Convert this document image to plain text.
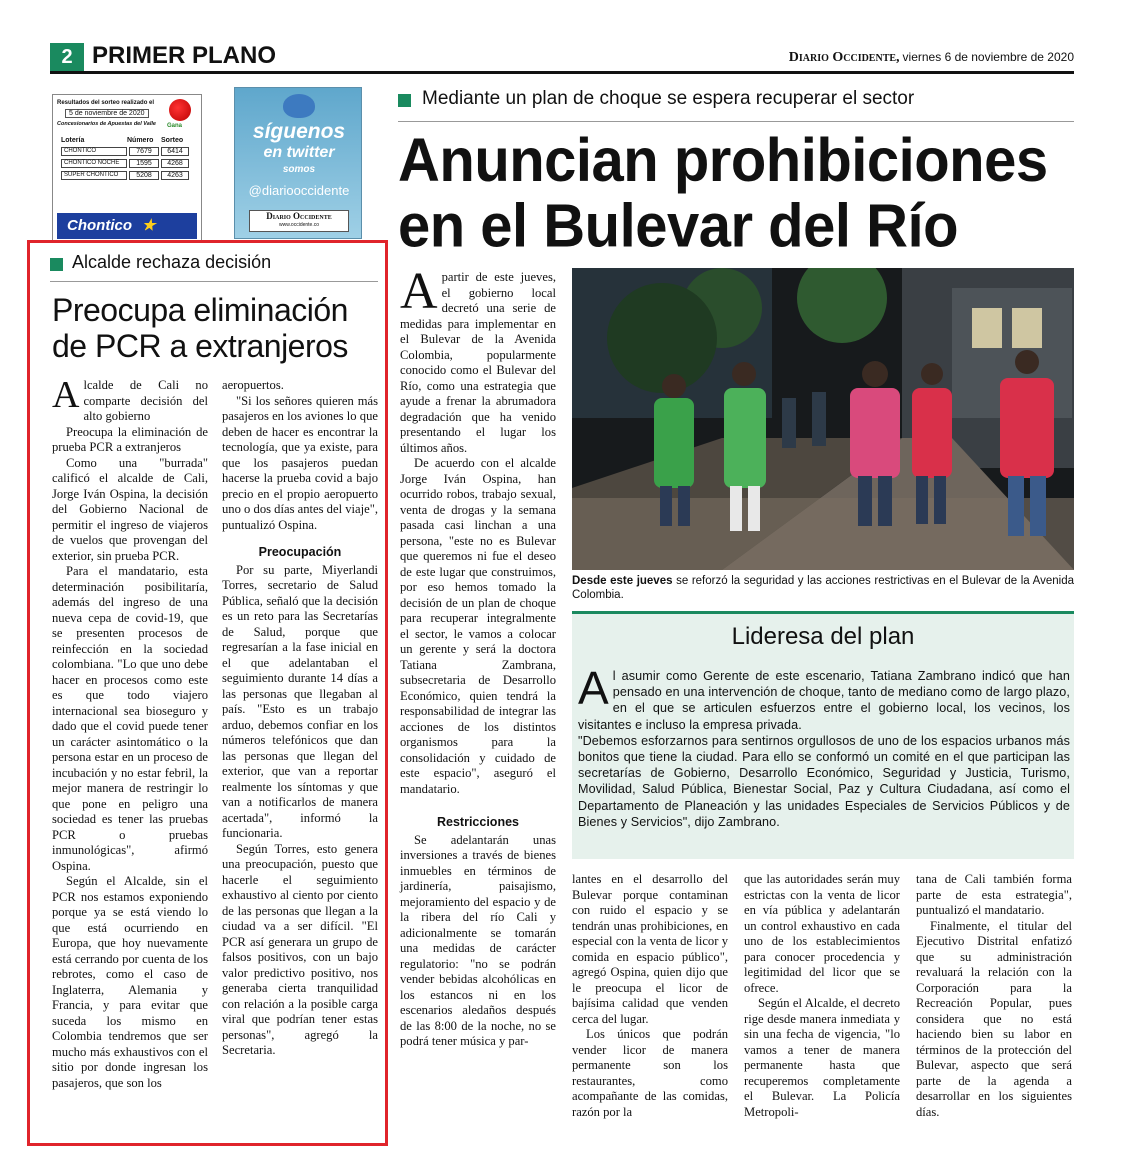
2 PRIMER PLANO	Diario Occidente, viernes 6 de noviembre de 2020
Resultados del sorteo realizado el
5 de noviembre de 2020
Concesionarios de Apuestas del Valle Gana
Lotería	Número	Sorteo
CHONTICO	7679	6414
CHONTICO NOCHE	1595	4268
SUPER CHONTICO	5208	4263
Chontico ★
síguenos
en twitter
somos
@diariooccidente
Diario Occidente
www.occidente.co
Mediante un plan de choque se espera recuperar el sector
Anuncian prohibiciones
en el Bulevar del Río
Desde este jueves se reforzó la seguridad y las acciones restrictivas en el Bulevar de la Avenida Colombia.
Lideresa del plan

Al asumir como Gerente de este escenario, Tatiana Zambrano indicó que han pensado en una intervención de choque, tanto de mediano como de largo plazo, en el que se articulen esfuerzos entre el gobierno local, los vecinos, los visitantes e incluso la empresa privada.

"Debemos esforzarnos para sentirnos orgullosos de uno de los espacios urbanos más bonitos que tiene la ciudad. Para ello se conformó un comité en el que participan las secretarías de Gobierno, Desarrollo Económico, Seguridad y Justicia, Turismo, Movilidad, Salud Pública, Bienestar Social, Paz y Cultura Ciudadana, así como el Departamento de Planeación y las unidades Especiales de Servicios Públicos y de Bienes y Servicios", dijo Zambrano.

Apartir de este jueves, el gobierno local decretó una serie de medidas para implementar en el Bulevar de la Avenida Colombia, popularmente conocido como el Bulevar del Río, como una estrategia que ayude a frenar la abrumadora degradación que ha venido presentando el lugar los últimos años.

De acuerdo con el alcalde Jorge Iván Ospina, han ocurrido robos, trabajo sexual, venta de drogas y la semana pasada casi linchan a una persona, "este no es Bulevar que queremos ni fue el deseo de este lugar que construimos, por eso hemos tomado la decisión de un plan de choque para recuperar integralmente el sector, le vamos a colocar un gerente y será la doctora Tatiana Zambrana, subsecretaria de Desarrollo Económico, quien tendrá la responsabilidad de integrar las acciones de los distintos organismos para la consolidación y cuidado de este espacio", aseguró el mandatario.

Restricciones

Se adelantarán unas inversiones a través de bienes inmuebles en términos de jardinería, paisajismo, mejoramiento del espacio y de la ribera del río Cali y adicionalmente se tomarán una medidas de carácter regulatorio: "no se podrán vender bebidas alcohólicas en los estancos ni en los escenarios aledaños después de las 8:00 de la noche, no se podrá tener música y par-

lantes en el desarrollo del Bulevar porque contaminan con ruido el espacio y se tendrán unas prohibiciones, en especial con la venta de licor y comida en espacio público", agregó Ospina, quien dijo que le preocupa el licor de bajísima calidad que venden cerca del lugar.

Los únicos que podrán vender licor de manera permanente son los restaurantes, como acompañante de las comidas, razón por la

que las autoridades serán muy estrictas con la venta de licor en vía pública y adelantarán un control exhaustivo en cada uno de los establecimientos para conocer procedencia y legitimidad del licor que se ofrece.

Según el Alcalde, el decreto rige desde manera inmediata y sin una fecha de vigencia, "lo vamos a tener de manera permanente hasta que recuperemos completamente el Bulevar. La Policía Metropoli-

tana de Cali también forma parte de esta estrategia", puntualizó el mandatario.

Finalmente, el titular del Ejecutivo Distrital enfatizó que su administración revaluará la relación con la Corporación para la Recreación Popular, pues considera que no está haciendo bien su labor en términos de la protección del Bulevar, aspecto que será parte de la agenda a desarrollar en los siguientes días.

Alcalde rechaza decisión
Preocupa eliminación
de PCR a extranjeros

Alcalde de Cali no comparte decisión del alto gobierno

Preocupa la eliminación de prueba PCR a extranjeros

Como una "burrada" calificó el alcalde de Cali, Jorge Iván Ospina, la decisión del Gobierno Nacional de permitir el ingreso de viajeros de vuelos que provengan del exterior, sin prueba PCR.

Para el mandatario, esta determinación posibilitaría, además del ingreso de una nueva cepa de covid-19, que se presenten procesos de reinfección en la sociedad colombiana. "Lo que uno debe hacer en procesos como este es que todo viajero internacional sea bioseguro y dado que el covid puede tener un carácter asintomático o la persona estar en un proceso de incubación y no estar febril, la mejor manera de restringir lo que pone en peligro una sociedad es tener las pruebas PCR o pruebas inmunológicas", afirmó Ospina.

Según el Alcalde, sin el PCR nos estamos exponiendo porque ya se está viendo lo que está ocurriendo en Europa, que hoy nuevamente está cerrando por cuenta de los rebrotes, como el caso de Inglaterra, Alemania y Francia, y para evitar que suceda los mismo en Colombia tendremos que ser mucho más exhaustivos con el sitio por donde ingresan los pasajeros, que son los

aeropuertos.

"Si los señores quieren más pasajeros en los aviones lo que deben de hacer es encontrar la tecnología, que ya existe, para que los pasajeros puedan hacerse la prueba covid a bajo precio en el propio aeropuerto uno o dos días antes del viaje", puntualizó Ospina.

Preocupación

Por su parte, Miyerlandi Torres, secretario de Salud Pública, señaló que la decisión es un reto para las Secretarías de Salud, porque que regresarían a la fase inicial en el que adelantaban el seguimiento durante 14 días a las personas que llegaban al país. "Esto es un trabajo arduo, debemos confiar en los números telefónicos que dan las personas que llegan del exterior, que van a reportar realmente los síntomas y que van a notificarlos de manera acertada", informó la funcionaria.

Según Torres, esto genera una preocupación, puesto que hacerle el seguimiento exhaustivo al ciento por ciento de las personas que llegan a la ciudad va a ser difícil. "El PCR así generara un grupo de falsos positivos, con un bajo valor predictivo positivo, nos generaba cierta tranquilidad con relación a la posible carga viral que podrían tener estas personas", agregó la Secretaria.
